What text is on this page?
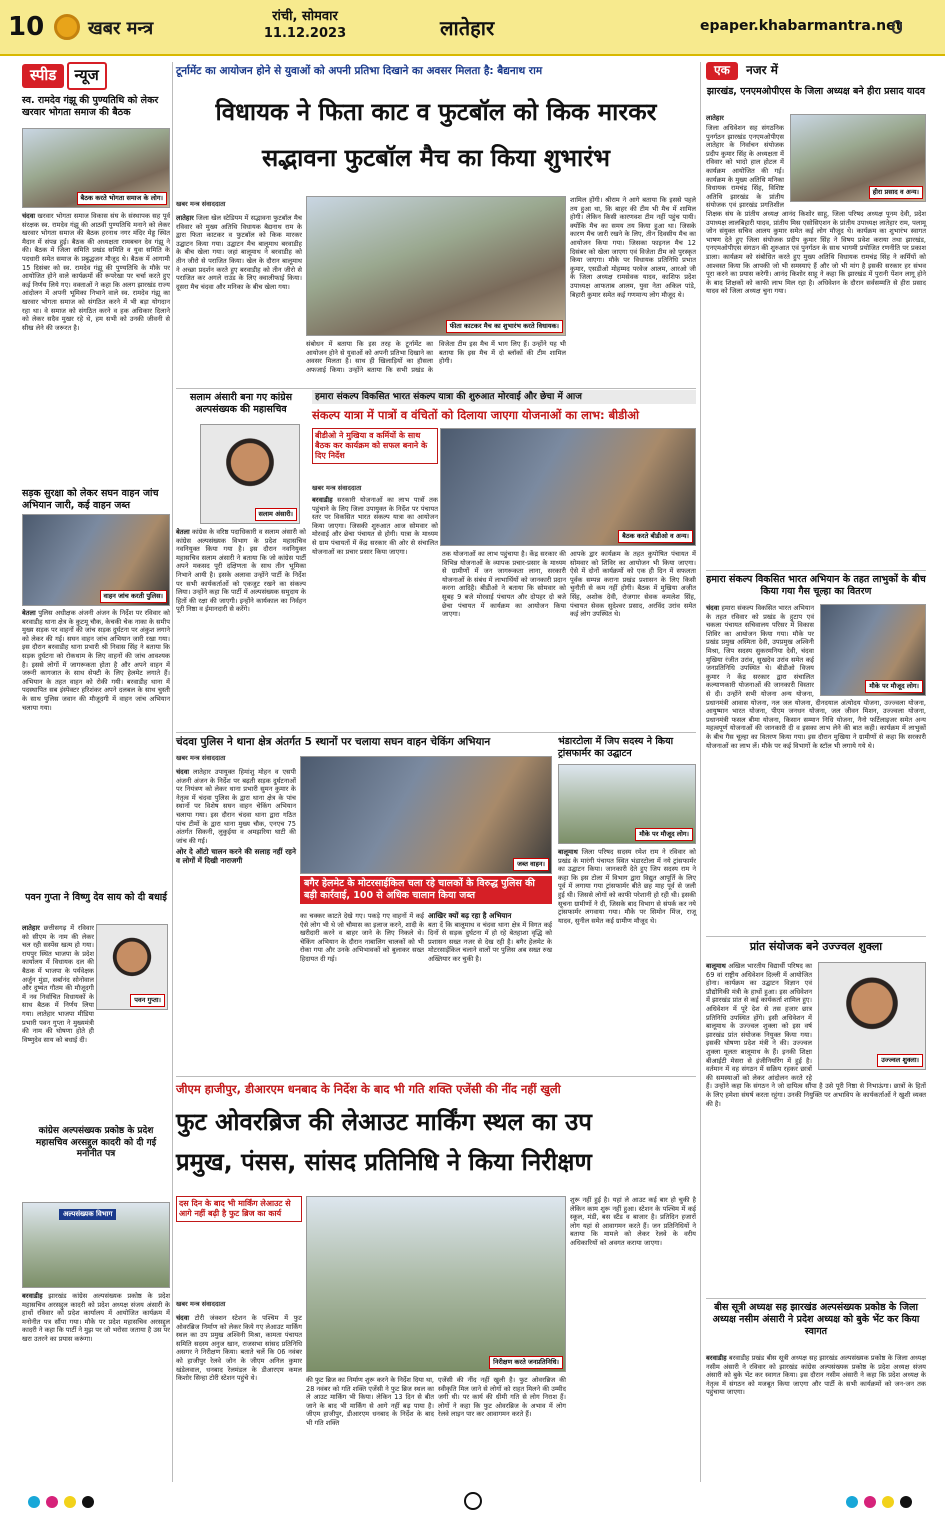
10 खबर मन्त्र
रांची, सोमवार
11.12.2023	लातेहार	epaper.khabarmantra.net
स्पीड न्यूज
स्व. रामदेव गंझू की पुण्यतिथि को लेकर खरवार भोगता समाज की बैठक
बैठक करते भोगता समाज के लोग।
चंदवा खरवार भोगता समाज विकास संघ के संस्थापक सह पूर्व संरक्षक स्व. रामदेव गंझू की आठवीं पुण्यतिथि मनाने को लेकर खरवार भोगता समाज की बैठक हरनाथ नगर मंदिर मेड्ड स्थित मैदान में संपन्न हुई। बैठक की अध्यक्षता रामबचन देव गंझू ने की। बैठक में जिला समिति प्रखंड समिति व युवा समिति के पदधारी समेत समाज के प्रबुद्धजन मौजूद थे। बैठक में आगामी 15 दिसंबर को स्व. रामदेव गंझू की पुण्यतिथि के मौके पर आयोजित होने वाले कार्यक्रमों की रूपरेखा पर चर्चा करते हुए कई निर्णय लिये गए। वक्ताओं ने कहा कि अलग झारखंड राज्य आंदोलन में अपनी भूमिका निभाने वाले स्व. रामदेव गंझू का खरवार भोगता समाज को संगठित करने में भी बड़ा योगदान रहा था। वे समाज को संगठित करने व हक अधिकार दिलाने को लेकर सदैव मुखर रहे थे, हम सभी को उनकी जीवनी से सीख लेने की जरूरत है।
सड़क सुरक्षा को लेकर सघन वाहन जांच अभियान जारी, कई वाहन जब्त
वाहन जांच करती पुलिस।
बेतला पुलिस अधीक्षक अंजनी अंजन के निर्देश पर रविवार को बरवाडीह थाना क्षेत्र के कुटमू चौक, केचकी चेक नाका के समीप मुख्य सड़क पर वाहनों की जांच सड़क दुर्घटना पर अंकुश लगाने को लेकर की गई। सघन वाहन जांच अभियान जारी रखा गया। इस दौरान बरवाडीह थाना प्रभारी श्री निवास सिंह ने बताया कि सड़क दुर्घटना को रोकथाम के लिए वाहनों की जांच आवश्यक है। इससे लोगों में जागरूकता होता है और अपने वाहन में जरूरी कागजात के साथ सेफ्टी के लिए हेलमेट लगाते हैं। अभियान के तहत वाहन को रोकी गयी। बरवाडीह थाना में पदस्थापित सब इंस्पेक्टर हरिशंकर अपने दलबल के साथ चुस्ती के साथ पुलिस जवान की मौजूदगी में वाहन जांच अभियान चलाया गया।
पवन गुप्ता ने विष्णु देव साय को दी बधाई
पवन गुप्ता।
लातेहार छत्तीसगढ़ में रविवार को सीएम के नाम की लेकर चल रही सस्पेंस खत्म हो गया। रायपुर स्थित भाजपा के प्रदेश कार्यालय में विधायक दल की बैठक में भाजपा के पर्यवेक्षक अर्जुन मुंडा, सर्बानंद सोनोवाल और दुष्यंत गौतम की मौजूदगी में नव निर्वाचित विधायकों के साथ बैठक में निर्णय लिया गया। लातेहार भाजपा मीडिया प्रभारी पवन गुप्ता ने मुख्यमंत्री की नाम की घोषणा होते ही विष्णुदेव साय को बधाई दी।
कांग्रेस अल्पसंख्यक प्रकोष्ठ के प्रदेश महासचिव अरसद्दुल कादरी को दी गई मनोनीत पत्र
अल्पसंख्यक विभाग
बरवाडीह झारखंड कांग्रेस अल्पसंख्यक प्रकोष्ठ के प्रदेश महासचिव अरसद्दुल कादरी को प्रदेश अध्यक्ष संजय अंसारी के हाथों रविवार को प्रदेश कार्यालय में आयोजित कार्यक्रम में मनोनीत पत्र सौंपा गया। मौके पर प्रदेश महासचिव अरसद्दुल कादरी ने कहा कि पार्टी ने मुझ पर जो भरोसा जताया है उस पर खरा उतरने का प्रयास करूंगा।
टूर्नामेंट का आयोजन होने से युवाओं को अपनी प्रतिभा दिखाने का अवसर मिलता है: बैद्यनाथ राम
विधायक ने फिता काट व फुटबॉल को किक मारकर
सद्भावना फुटबॉल मैच का किया शुभारंभ
खबर मन्त्र संवाददाता
लातेहार जिला खेल स्टेडियम में सद्भावना फुटबॉल मैच रविवार को मुख्य अतिथि विधायक बैद्यनाथ राम के द्वारा फिता काटकर व फुटबॉल को किक मारकर उद्घाटन किया गया। उद्घाटन मैच बालूमाथ बरवाडीह के बीच खेला गया। जहां बालूमाथ ने बरवाडीह को तीन जीरो से पराजित किया। खेल के दौरान बालूमाथ ने अच्छा प्रदर्शन करते हुए बरवाडीह को तीन जीरो से पराजित कर अगले राउंड के लिए क्वालीफाई किया। दूसरा मैच चंदवा और मनिका के बीच खेला गया।
फीता काटकर मैच का शुभारंभ करते विधायक।
संबोधन में बताया कि इस तरह के टूर्नामेंट का आयोजन होने से युवाओं को अपनी प्रतिभा दिखाने का अवसर मिलता है। साथ ही खिलाड़ियों का हौसला अफजाई किया। उन्होंने बताया कि सभी प्रखंड के विजेता टीम इस मैच में भाग लिए हैं। उन्होंने यह भी बताया कि इस मैच में दो ब्लॉकों की टीम शामिल होगी।
शामिल होंगी। श्रीराम ने आगे बताया कि इससे पहले तय हुआ था, कि बाहर की टीम भी मैच में शामिल होगी। लेकिन किसी कारणवश टीम नहीं पहुंच पायी। क्योंकि मैच का समय तय किया हुआ था। जिसके कारण मैच जारी रखने के लिए, तीन दिवसीय मैच का आयोजन किया गया। जिसका फाइनल मैच 12 दिसंबर को खेला जाएगा एवं विजेता टीम को पुरस्कृत किया जाएगा। मौके पर विधायक प्रतिनिधि प्रभात कुमार, एसडीओ मोहम्मद परवेज आलम, आरओ जी के जिला अध्यक्ष रामसेवक यादव, काशिफ प्रदेश उपाध्यक्ष आफताब आलम, युवा नेता अकिल पांडे, बिहारी कुमार समेत कई गणमान्य लोग मौजूद थे।
सलाम अंसारी बना गए कांग्रेस अल्पसंख्यक की महासचिव
सलाम अंसारी।
बेतला कांग्रेस के वरिष्ठ पदाधिकारी व सलाम अंसारी को कांग्रेस अल्पसंख्यक विभाग के प्रदेश महासचिव नवनियुक्त किया गया है। इस दौरान नवनियुक्त महासचिव सलाम अंसारी ने बताया कि जो कांग्रेस पार्टी अपने मकसद पूरी दक्षिणता के साथ तीन भूमिका निभाने आयी है। इसके अलावा उन्होंने पार्टी के निर्देश पर सभी कार्यकर्ताओं को एकजुट रखने का संकल्प लिया। उन्होंने कहा कि पार्टी में अल्पसंख्यक समुदाय के हितों की रक्षा की जाएगी। इन्होंने कार्यकाल का निर्वहन पूरी निष्ठा व ईमानदारी से करेंगे।
हमारा संकल्प विकसित भारत संकल्प यात्रा की शुरुआत मोरवाई और छेचा में आज
संकल्प यात्रा में पात्रों व वंचितों को दिलाया जाएगा योजनाओं का लाभ: बीडीओ
बीडीओ ने मुखिया व कर्मियों के साथ बैठक कर कार्यक्रम को सफल बनाने के दिए निर्देश
बैठक करते बीडीओ व अन्य।
खबर मन्त्र संवाददाता
बरवाडीह सरकारी योजनाओं का लाभ पात्रों तक पहुंचाने के लिए जिला उपायुक्त के निर्देश पर पंचायत स्तर पर विकसित भारत संकल्प यात्रा का आयोजन किया जाएगा। जिसकी शुरुआत आज सोमवार को मोरवाई और छेचा पंचायत से होगी। यात्रा के माध्यम से ग्राम पंचायतों में केंद्र सरकार की ओर से संचालित योजनाओं का प्रचार प्रसार किया जाएगा।	तक योजनाओं का लाभ पहुंचाया है। केंद्र सरकार की विभिन्न योजनाओं के व्यापक प्रचार-प्रसार के माध्यम से ग्रामीणों में जन जागरूकता लाना, सरकारी योजनाओं के संबंध में लाभार्थियों को जानकारी प्रदान करना आदिहै। बीडीओ ने बताया कि सोमवार को सुबह 9 बजे मोरवाई पंचायत और दोपहर दो बजे छेचा पंचायत में कार्यक्रम का आयोजन किया जाएगा।
आपके द्वार कार्यक्रम के तहत कुपोषित पंचायत में सोमवार को शिविर का आयोजन भी किया जाएगा। ऐसे में दोनों कार्यक्रमों को एक ही दिन में सफलता पूर्वक सम्पन्न कराना प्रखंड प्रशासन के लिए किसी चुनौती से कम नहीं होगी। बैठक में मुखिया अजीत सिंह, अशोक देवी, रोजगार सेवक कमलेश सिंह, पंचायत सेवक सुदेश्वर प्रसाद, अरविंद उरांव समेत कई लोग उपस्थित थे।
चंदवा पुलिस ने थाना क्षेत्र अंतर्गत 5 स्थानों पर चलाया सघन वाहन चेकिंग अभियान
खबर मन्त्र संवाददाता
चंदवा लातेहार उपायुक्त हिमांशु मोहन व एसपी अंजनी अंजन के निर्देश पर बढ़ती सड़क दुर्घटनाओं पर नियंत्रण को लेकर थाना प्रभारी सुमन कुमार के नेतृत्व में चंदवा पुलिस के द्वारा थाना क्षेत्र के पांच स्थानों पर विशेष सघन वाहन चेकिंग अभियान चलाया गया। इस दौरान चंदवा थाना द्वारा गठित पांच टीमों के द्वारा थाना मुख्य चौक, एनएच 75 अंतर्गत सिकनी, लुकुईया व अमझरिया घाटी की जांच की गई।
ओर दे ऑटो चालन करने की सलाह नहीं रहने व लोगों में दिखी नाराजगी	जब्त वाहन।
बगैर हेलमेट के मोटरसाईकिल चला रहे चालकों के विरुद्ध पुलिस की बड़ी कार्रवाई, 100 से अधिक चालान किया जब्त
का चक्कर काटते देखे गए। पकड़े गए वाहनों में कई ऐसे लोग भी थे जो चौमास का इलाज करने, शादी के खरीदारी करने व बाहर जाने के लिए निकले थे। चेकिंग अभियान के दौरान नाबालिग चालकों को भी रोका गया और उनके अभिभावकों को बुलाकर सख्त हिदायत दी गई।
आखिर क्यों बढ़ रहा है अभियान
बता दें कि बालूमाथ व चंदवा थाना क्षेत्र में विगत कई दिनों से सड़क दुर्घटना में हो रहे बेतहाशा वृद्धि को प्रशासन सख्त नजर से देख रही है। बगैर हेलमेट के मोटरसाईकिल चलाने वालों पर पुलिस अब सख्त रुख अख्तियार कर चुकी है।
भंडारटोला में जिप सदस्य ने किया ट्रांसफार्मर का उद्घाटन
मौके पर मौजूद लोग।
बालूमाथ जिला परिषद सदस्य रमेश राम ने रविवार को प्रखंड के मारंगी पंचायत स्थित भंडारटोला में नये ट्रांसफार्मर का उद्घाटन किया। जानकारी देते हुए जिप सदस्य राम ने कहा कि इस टोला में विभाग द्वारा विद्युत आपूर्ति के लिए पूर्व में लगाया गया ट्रांसफार्मर बीते छह माह पूर्व से जली हुई थी। जिससे लोगों को काफी परेशानी हो रही थी। इसकी सूचना ग्रामीणों ने दी, जिसके बाद विभाग से संपर्क कर नये ट्रांसफार्मर लगवाया गया। मौके पर सिमोन मिंज, राजू यादव, सुनील समेत कई ग्रामीण मौजूद थे।
जीएम हाजीपुर, डीआरएम धनबाद के निर्देश के बाद भी गति शक्ति एजेंसी की नींद नहीं खुली
फुट ओवरब्रिज की लेआउट मार्किंग स्थल का उप
प्रमुख, पंसस, सांसद प्रतिनिधि ने किया निरीक्षण
दस दिन के बाद भी मार्किंग लेआउट से आगे नहीं बढ़ी है फुट ब्रिज का कार्य
निरीक्षण करते जनप्रतिनिधि।
खबर मन्त्र संवाददाता
चंदवा टोरी जंक्शन स्टेशन के पश्चिम में फुट ओवरब्रिज निर्माण को लेकर किये गए लेआउट मार्किंग स्थल का उप प्रमुख अश्विनी मिश्रा, कामता पंचायत समिति सदस्य अनुज खान, राजसभा सांसद प्रतिनिधि असगर ने निरीक्षण किया। बताते चलें कि 06 नवंबर को हाजीपुर रेलवे जोन के जीएम अनिल कुमार खंडेलवाल, धनबाद रेलमंडल के डीआरएम कमल किशोर सिन्हा टोरी स्टेशन पहुंचे थे।	की फुट ब्रिज का निर्माण शुरू करने के निर्देश दिया था, 28 नवंबर को गति शक्ति एजेंसी ने फुट ब्रिज स्थल का ले आउट मार्किंग भी किया। लेकिन 13 दिन से बीत जाने के बाद भी मार्किंग से आगे नहीं बढ़ पाया है। जीएम हाजीपुर, डीआरएम धनबाद के निर्देश के बाद भी गति शक्ति
एजेंसी की नींद नहीं खुली है। फुट ओवरब्रिज की स्वीकृति मिल जाने से लोगों को राहत मिलने की उम्मीद जगी थी। पर कार्य की धीमी गति से लोग निराश हैं। लोगों ने कहा कि फुट ओवरब्रिज के अभाव में लोग रेलवे लाइन पार कर आवागमन करते हैं।
शुरू नहीं हुई है। यहां ले आउट कई बार हो चुकी है लेकिन काम शुरू नहीं हुआ। स्टेशन के पश्चिम में कई स्कूल, मंडी, बस स्टैंड व बाजार है। प्रतिदिन हजारों लोग यहां से आवागमन करते हैं। जन प्रतिनिधियों ने बताया कि मामले को लेकर रेलवे के वरीय अधिकारियों को अवगत कराया जाएगा।
एक नजर में
झारखंड, एनएमओपीएस के जिला अध्यक्ष बने हीरा प्रसाद यादव
हीरा प्रसाद व अन्य।
लातेहार
जिला अधिवेशन सह संगठनिक पुनर्गठन झारखंड एनएमओपीएस लातेहार के निर्वाचन संयोजक प्रदीप कुमार सिंह के अध्यक्षता में रविवार को भादो हाल होटल में कार्यक्रम आयोजित की गई। कार्यक्रम के मुख्य अतिथि मनिका विधायक रामचंद्र सिंह, विशिष्ट अतिथि झारखंड के प्रांतीय संयोजक एवं झारखंड प्रगतिशील शिक्षक संघ के प्रांतीय अध्यक्ष आनंद किशोर साहू, जिला परिषद अध्यक्ष पूनम देवी, प्रदेश उपाध्यक्ष लालबिहारी यादव, प्रांतीय मिस एसोसिएशन के प्रांतीय उपाध्यक्ष लातेहार राम, पलामू जोन संयुक्त सचिव आलय कुमार समेत कई लोग मौजूद थे। कार्यक्रम का शुभारंभ स्वागत भाषण देते हुए जिला संयोजक प्रदीप कुमार सिंह ने विषय प्रवेश कराया तथा झारखंड, एनएमओपीएस संगठन की शुरुआत एवं पुनर्गठन के साथ भागमी प्रयोजित रणनीति पर प्रकाश डाला। कार्यक्रम को संबोधित करते हुए मुख्य अतिथि विधायक रामचंद्र सिंह ने कर्मियों को आश्वस्त किया कि आपकी जो भी समस्याएं हैं और जो भी मांग है इसकी सरकार हर संभव पूरा करने का प्रयास करेगी। आनंद किशोर साहू ने कहा कि झारखंड में पुरानी पेंशन लागू होने के बाद शिक्षकों को काफी लाभ मिल रहा है। अधिवेशन के दौरान सर्वसम्मति से हीरा प्रसाद यादव को जिला अध्यक्ष चुना गया।
हमारा संकल्प विकसित भारत अभियान के तहत लाभुकों के बीच किया गया गैस चूल्हा का वितरण
मौके पर मौजूद लोग।
चंदवा हमारा संकल्प विकसित भारत अभियान के तहत रविवार को प्रखंड के हुटाप एवं चकला पंचायत सचिवालय परिसर में विकास शिविर का आयोजन किया गया। मौके पर प्रखंड प्रमुख अस्मिता देवी, उपप्रमुख अश्विनी मिश्रा, जिप सदस्य सुकरमनिया देवी, चंदवा मुखिया रंजीत उरांव, सुखदेव उरांव समेत कई जनप्रतिनिधि उपस्थित थे। बीडीओ विजय कुमार ने केंद्र सरकार द्वारा संचालित कल्याणकारी योजनाओं की जानकारी विस्तार से दी। उन्होंने सभी योजना अन्य योजना, प्रधानमंत्री आवास योजना, नल जल योजना, दीनदयाल अंत्योदय योजना, उज्ज्वला योजना, आयुष्मान भारत योजना, पीएम जनधन योजना, जल जीवन मिशन, उज्ज्वला योजना, प्रधानमंत्री फसल बीमा योजना, किसान सम्मान निधि योजना, नैनो फर्टिलाइजर समेत अन्य महत्वपूर्ण योजनाओं की जानकारी दी व इसका लाभ लेने की बात कही। कार्यक्रम में लाभुकों के बीच गैस चूल्हा का वितरण किया गया। इस दौरान मुखिया ने ग्रामीणों से कहा कि सरकारी योजनाओं का लाभ लें। मौके पर कई विभागों के स्टॉल भी लगाये गये थे।
प्रांत संयोजक बने उज्ज्वल शुक्ला
उज्ज्वल शुक्ला।
बालूमाथ अखिल भारतीय विद्यार्थी परिषद का 69 वां राष्ट्रीय अधिवेशन दिल्ली में आयोजित होना। कार्यक्रम का उद्घाटन विज्ञान एवं प्रौद्योगिकी मंत्री के हाथों हुआ। इस अधिवेशन में झारखंड प्रांत से कई कार्यकर्ता शामिल हुए। अधिवेशन में पूरे देश से तस हजार छात्र प्रतिनिधि उपस्थित होंगे। इसी अधिवेशन में बालूमाथ के उज्ज्वल शुक्ला को इस वर्ष झारखंड प्रांत संयोजक नियुक्त किया गया। इसकी घोषणा प्रदेश मंत्री ने की। उज्ज्वल शुक्ला मूलतः बालूमाथ के हैं। इनकी शिक्षा बीआईटी मेसरा से इंजीनियरिंग में हुई है। वर्तमान में वह संगठन में सक्रिय रहकर छात्रों की समस्याओं को लेकर आंदोलन करते रहे हैं। उन्होंने कहा कि संगठन ने जो दायित्व सौंपा है उसे पूरी निष्ठा से निभाऊंगा। छात्रों के हितों के लिए हमेशा संघर्ष करता रहूंगा। उनकी नियुक्ति पर अभाविप के कार्यकर्ताओं ने खुशी व्यक्त की है।
बीस सूत्री अध्यक्ष सह झारखंड अल्पसंख्यक प्रकोष्ठ के जिला अध्यक्ष नसीम अंसारी ने प्रदेश अध्यक्ष को बुके भेंट कर किया स्वागत
बरवाडीह बरवाडीह प्रखंड बीस सूत्री अध्यक्ष सह झारखंड अल्पसंख्यक प्रकोष्ठ के जिला अध्यक्ष नसीम अंसारी ने रविवार को झारखंड कांग्रेस अल्पसंख्यक प्रकोष्ठ के प्रदेश अध्यक्ष संजय अंसारी को बुके भेंट कर स्वागत किया। इस दौरान नसीम अंसारी ने कहा कि प्रदेश अध्यक्ष के नेतृत्व में संगठन को मजबूत किया जाएगा और पार्टी के सभी कार्यक्रमों को जन-जन तक पहुंचाया जाएगा।
